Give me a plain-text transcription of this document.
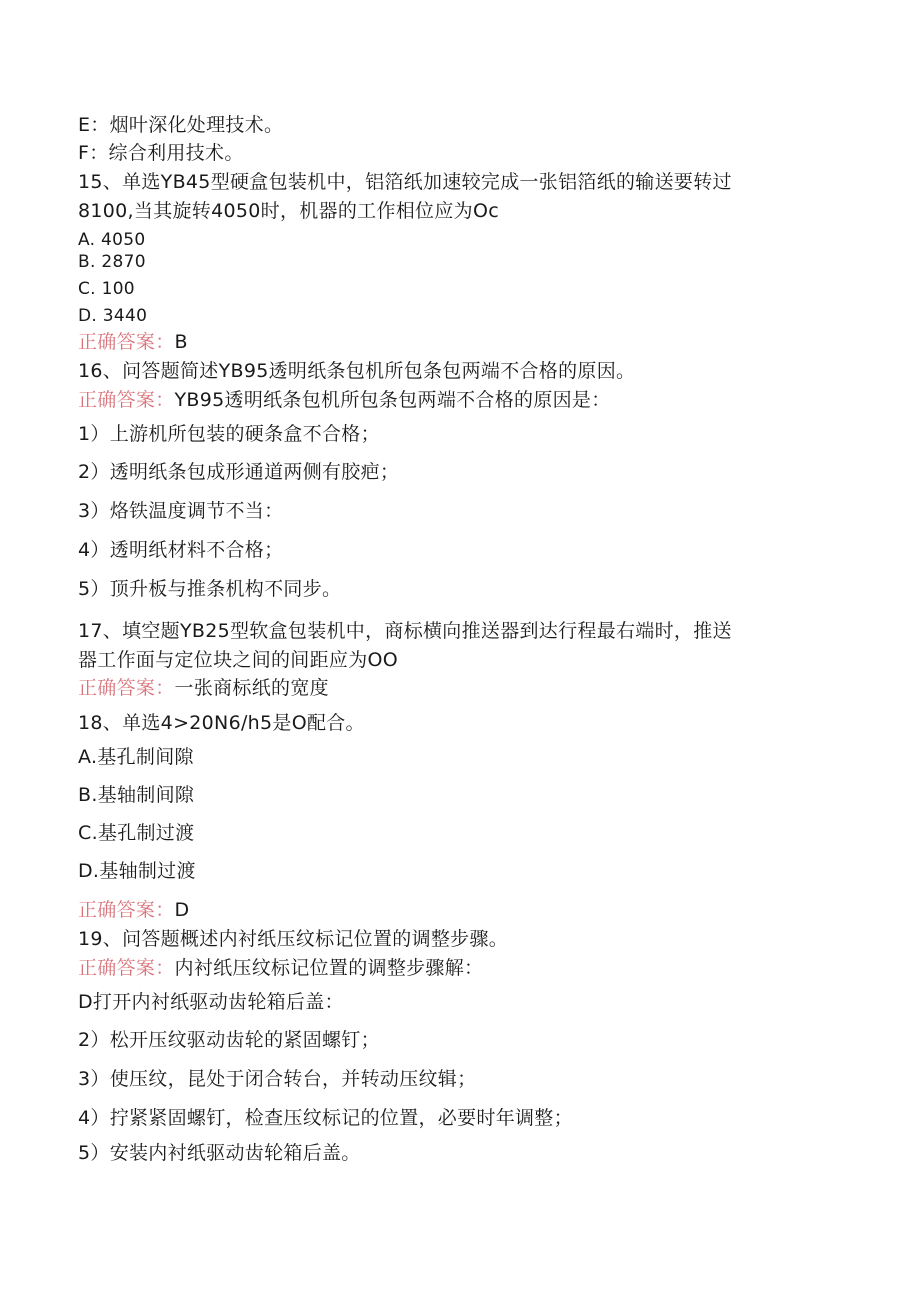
E：烟叶深化处理技术。
F：综合利用技术。
15、单选YB45型硬盒包装机中，铝箔纸加速较完成一张铝箔纸的输送要转过
8100,当其旋转4050时，机器的工作相位应为Oc
A. 4050
B. 2870
C. 100
D. 3440
正确答案：B
16、问答题简述YB95透明纸条包机所包条包两端不合格的原因。
正确答案：YB95透明纸条包机所包条包两端不合格的原因是：
1）上游机所包装的硬条盒不合格；
2）透明纸条包成形通道两侧有胶疤；
3）烙铁温度调节不当：
4）透明纸材料不合格；
5）顶升板与推条机构不同步。
17、填空题YB25型软盒包装机中，商标横向推送器到达行程最右端时，推送
器工作面与定位块之间的间距应为OO
正确答案：一张商标纸的宽度
18、单选4>20N6∕h5是O配合。
A.基孔制间隙
B.基轴制间隙
C.基孔制过渡
D.基轴制过渡
正确答案：D
19、问答题概述内衬纸压纹标记位置的调整步骤。
正确答案：内衬纸压纹标记位置的调整步骤解：
D打开内衬纸驱动齿轮箱后盖：
2）松开压纹驱动齿轮的紧固螺钉；
3）使压纹，昆处于闭合转台，并转动压纹辑；
4）拧紧紧固螺钉，检查压纹标记的位置，必要时年调整；
5）安装内衬纸驱动齿轮箱后盖。
